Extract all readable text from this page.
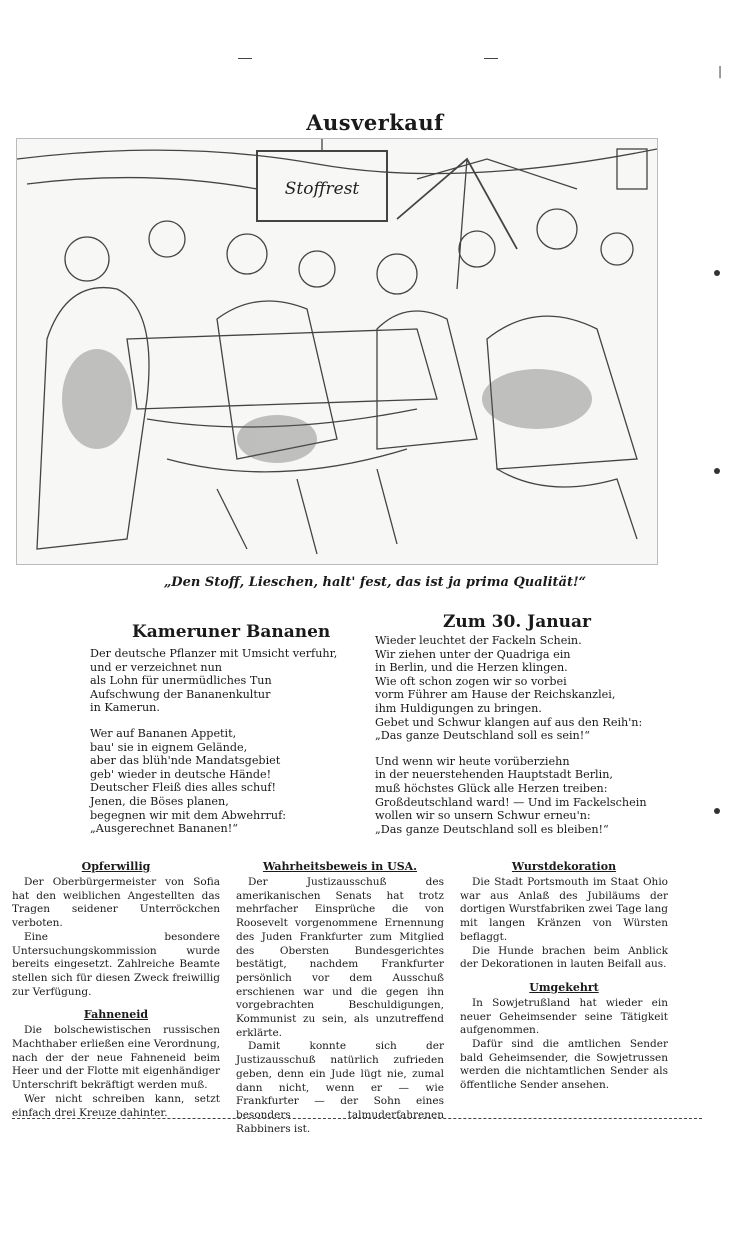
|
Ausverkauf
Stoffrest
„Den Stoff, Lieschen, halt' fest, das ist ja prima Qualität!“
Kameruner Bananen
Der deutsche Pflanzer mit Umsicht verfuhr,
und er verzeichnet nun
als Lohn für unermüdliches Tun
Aufschwung der Bananenkultur
in Kamerun.
Wer auf Bananen Appetit,
bau' sie in eignem Gelände,
aber das blüh'nde Mandatsgebiet
geb' wieder in deutsche Hände!
Deutscher Fleiß dies alles schuf!
Jenen, die Böses planen,
begegnen wir mit dem Abwehrruf:
„Ausgerechnet Bananen!“
Zum 30. Januar
Wieder leuchtet der Fackeln Schein.
Wir ziehen unter der Quadriga ein
in Berlin, und die Herzen klingen.
Wie oft schon zogen wir so vorbei
vorm Führer am Hause der Reichskanzlei,
ihm Huldigungen zu bringen.
Gebet und Schwur klangen auf aus den Reih'n:
„Das ganze Deutschland soll es sein!“
Und wenn wir heute vorüberziehn
in der neuerstehenden Hauptstadt Berlin,
muß höchstes Glück alle Herzen treiben:
Großdeutschland ward! — Und im Fackelschein
wollen wir so unsern Schwur erneu'n:
„Das ganze Deutschland soll es bleiben!“
Opferwillig

Der Oberbürgermeister von Sofia hat den weiblichen Angestellten das Tragen seidener Unterröckchen verboten.

Eine besondere Untersuchungskommission wurde bereits eingesetzt. Zahlreiche Beamte stellen sich für diesen Zweck freiwillig zur Verfügung.

Fahneneid

Die bolschewistischen russischen Machthaber erließen eine Verordnung, nach der der neue Fahneneid beim Heer und der Flotte mit eigenhändiger Unterschrift bekräftigt werden muß.

Wer nicht schreiben kann, setzt einfach drei Kreuze dahinter.

Wahrheitsbeweis in USA.

Der Justizausschuß des amerikanischen Senats hat trotz mehrfacher Einsprüche die von Roosevelt vorgenommene Ernennung des Juden Frankfurter zum Mitglied des Obersten Bundesgerichtes bestätigt, nachdem Frankfurter persönlich vor dem Ausschuß erschienen war und die gegen ihn vorgebrachten Beschuldigungen, Kommunist zu sein, als unzutreffend erklärte.

Damit konnte sich der Justizausschuß natürlich zufrieden geben, denn ein Jude lügt nie, zumal dann nicht, wenn er — wie Frankfurter — der Sohn eines besonders talmuderfahrenen Rabbiners ist.

Wurstdekoration

Die Stadt Portsmouth im Staat Ohio war aus Anlaß des Jubiläums der dortigen Wurstfabriken zwei Tage lang mit langen Kränzen von Würsten beflaggt.

Die Hunde brachen beim Anblick der Dekorationen in lauten Beifall aus.

Umgekehrt

In Sowjetrußland hat wieder ein neuer Geheimsender seine Tätigkeit aufgenommen.

Dafür sind die amtlichen Sender bald Geheimsender, die Sowjetrussen werden die nichtamtlichen Sender als öffentliche Sender ansehen.
